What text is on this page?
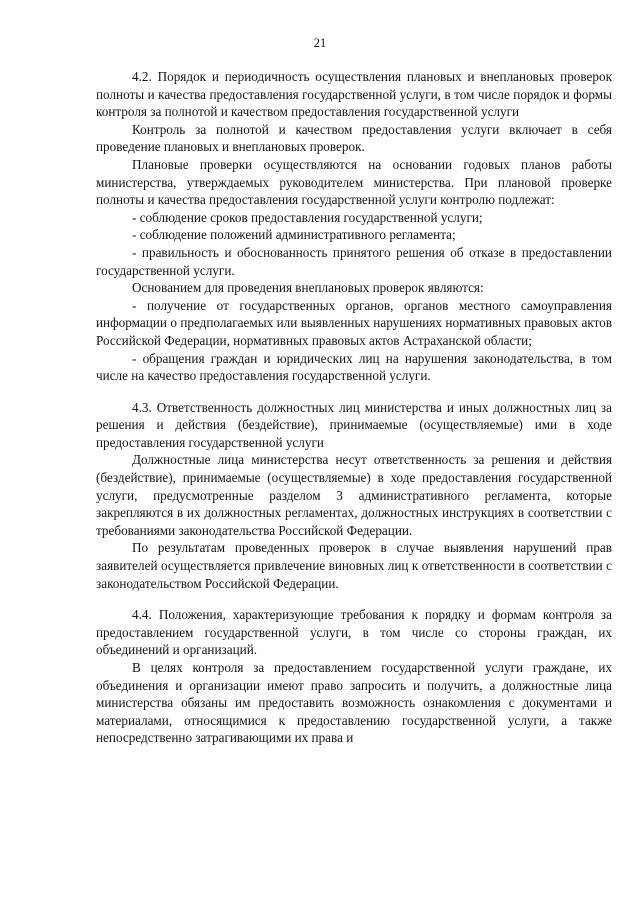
21

4.2. Порядок и периодичность осуществления плановых и внеплановых проверок полноты и качества предоставления государственной услуги, в том числе порядок и формы контроля за полнотой и качеством предоставления государственной услуги

Контроль за полнотой и качеством предоставления услуги включает в себя проведение плановых и внеплановых проверок.

Плановые проверки осуществляются на основании годовых планов работы министерства, утверждаемых руководителем министерства. При плановой проверке полноты и качества предоставления государственной услуги контролю подлежат:

- соблюдение сроков предоставления государственной услуги;

- соблюдение положений административного регламента;

- правильность и обоснованность принятого решения об отказе в предоставлении государственной услуги.

Основанием для проведения внеплановых проверок являются:

- получение от государственных органов, органов местного самоуправления информации о предполагаемых или выявленных нарушениях нормативных правовых актов Российской Федерации, нормативных правовых актов Астраханской области;

- обращения граждан и юридических лиц на нарушения законодательства, в том числе на качество предоставления государственной услуги.

4.3. Ответственность должностных лиц министерства и иных должностных лиц за решения и действия (бездействие), принимаемые (осуществляемые) ими в ходе предоставления государственной услуги

Должностные лица министерства несут ответственность за решения и действия (бездействие), принимаемые (осуществляемые) в ходе предоставления государственной услуги, предусмотренные разделом 3 административного регламента, которые закрепляются в их должностных регламентах, должностных инструкциях в соответствии с требованиями законодательства Российской Федерации.

По результатам проведенных проверок в случае выявления нарушений прав заявителей осуществляется привлечение виновных лиц к ответственности в соответствии с законодательством Российской Федерации.

4.4. Положения, характеризующие требования к порядку и формам контроля за предоставлением государственной услуги, в том числе со стороны граждан, их объединений и организаций.

В целях контроля за предоставлением государственной услуги граждане, их объединения и организации имеют право запросить и получить, а должностные лица министерства обязаны им предоставить возможность ознакомления с документами и материалами, относящимися к предоставлению государственной услуги, а также непосредственно затрагивающими их права и
